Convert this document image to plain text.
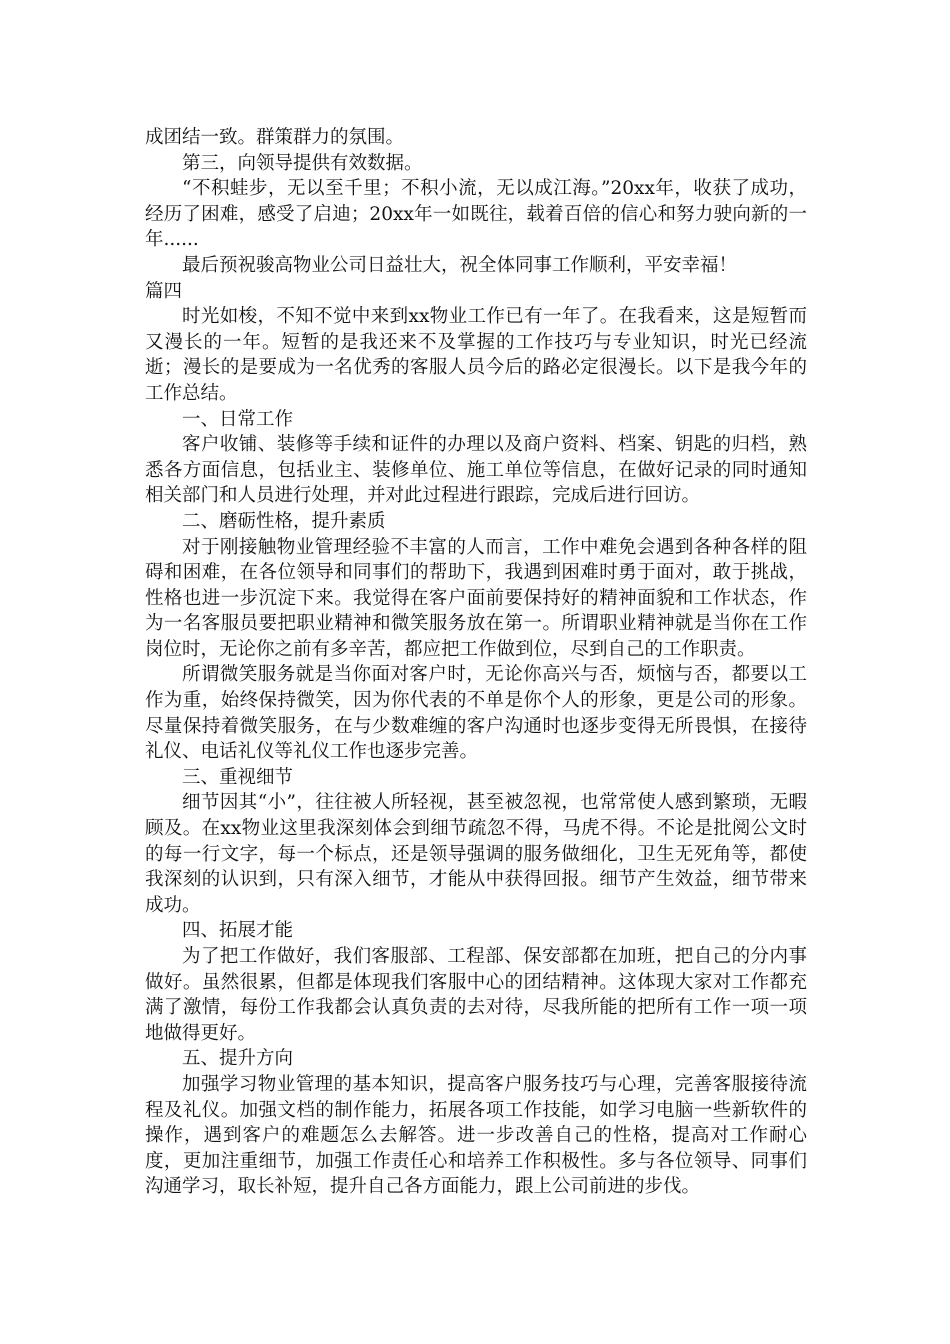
成团结一致。群策群力的氛围。

第三，向领导提供有效数据。

“不积蛙步，无以至千里；不积小流，无以成江海。”20xx年，收获了成功，经历了困难，感受了启迪；20xx年一如既往，载着百倍的信心和努力驶向新的一年......

最后预祝骏高物业公司日益壮大，祝全体同事工作顺利，平安幸福！

篇四

时光如梭，不知不觉中来到xx物业工作已有一年了。在我看来，这是短暂而又漫长的一年。短暂的是我还来不及掌握的工作技巧与专业知识，时光已经流逝；漫长的是要成为一名优秀的客服人员今后的路必定很漫长。以下是我今年的工作总结。

一、日常工作

客户收铺、装修等手续和证件的办理以及商户资料、档案、钥匙的归档，熟悉各方面信息，包括业主、装修单位、施工单位等信息，在做好记录的同时通知相关部门和人员进行处理，并对此过程进行跟踪，完成后进行回访。

二、磨砺性格，提升素质

对于刚接触物业管理经验不丰富的人而言，工作中难免会遇到各种各样的阻碍和困难，在各位领导和同事们的帮助下，我遇到困难时勇于面对，敢于挑战，性格也进一步沉淀下来。我觉得在客户面前要保持好的精神面貌和工作状态，作为一名客服员要把职业精神和微笑服务放在第一。所谓职业精神就是当你在工作岗位时，无论你之前有多辛苦，都应把工作做到位，尽到自己的工作职责。

所谓微笑服务就是当你面对客户时，无论你高兴与否，烦恼与否，都要以工作为重，始终保持微笑，因为你代表的不单是你个人的形象，更是公司的形象。尽量保持着微笑服务，在与少数难缠的客户沟通时也逐步变得无所畏惧，在接待礼仪、电话礼仪等礼仪工作也逐步完善。

三、重视细节

细节因其“小”，往往被人所轻视，甚至被忽视，也常常使人感到繁琐，无暇顾及。在xx物业这里我深刻体会到细节疏忽不得，马虎不得。不论是批阅公文时的每一行文字，每一个标点，还是领导强调的服务做细化，卫生无死角等，都使我深刻的认识到，只有深入细节，才能从中获得回报。细节产生效益，细节带来成功。

四、拓展才能

为了把工作做好，我们客服部、工程部、保安部都在加班，把自己的分内事做好。虽然很累，但都是体现我们客服中心的团结精神。这体现大家对工作都充满了激情，每份工作我都会认真负责的去对待，尽我所能的把所有工作一项一项地做得更好。

五、提升方向

加强学习物业管理的基本知识，提高客户服务技巧与心理，完善客服接待流程及礼仪。加强文档的制作能力，拓展各项工作技能，如学习电脑一些新软件的操作，遇到客户的难题怎么去解答。进一步改善自己的性格，提高对工作耐心度，更加注重细节，加强工作责任心和培养工作积极性。多与各位领导、同事们沟通学习，取长补短，提升自己各方面能力，跟上公司前进的步伐。
